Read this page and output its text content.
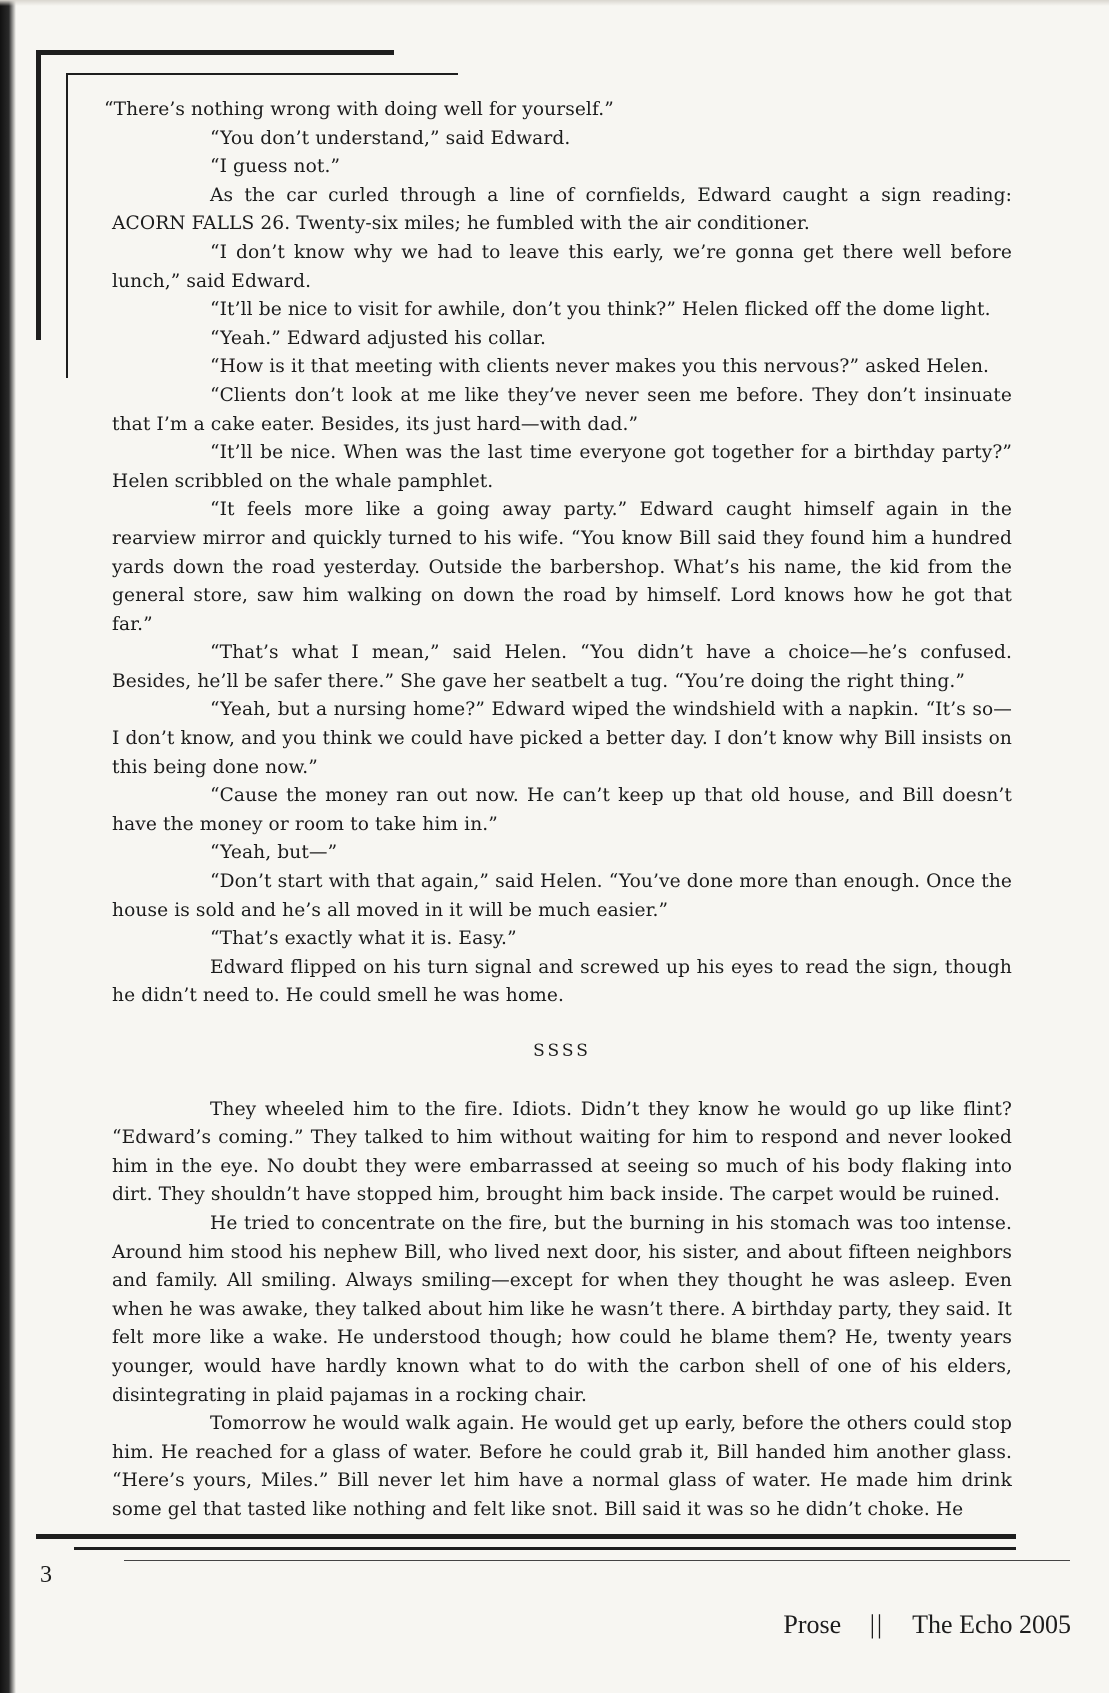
“There’s nothing wrong with doing well for yourself.”

“You don’t understand,” said Edward.

“I guess not.”

As the car curled through a line of cornfields, Edward caught a sign reading: ACORN FALLS 26. Twenty-six miles; he fumbled with the air conditioner.

“I don’t know why we had to leave this early, we’re gonna get there well before lunch,” said Edward.

“It’ll be nice to visit for awhile, don’t you think?” Helen flicked off the dome light.

“Yeah.” Edward adjusted his collar.

“How is it that meeting with clients never makes you this nervous?” asked Helen.

“Clients don’t look at me like they’ve never seen me before. They don’t insinuate that I’m a cake eater. Besides, its just hard—with dad.”

“It’ll be nice. When was the last time everyone got together for a birthday party?” Helen scribbled on the whale pamphlet.

“It feels more like a going away party.” Edward caught himself again in the rearview mirror and quickly turned to his wife. “You know Bill said they found him a hundred yards down the road yesterday. Outside the barbershop. What’s his name, the kid from the general store, saw him walking on down the road by himself. Lord knows how he got that far.”

“That’s what I mean,” said Helen. “You didn’t have a choice—he’s confused. Besides, he’ll be safer there.” She gave her seatbelt a tug. “You’re doing the right thing.”

“Yeah, but a nursing home?” Edward wiped the windshield with a napkin. “It’s so—I don’t know, and you think we could have picked a better day. I don’t know why Bill insists on this being done now.”

“Cause the money ran out now. He can’t keep up that old house, and Bill doesn’t have the money or room to take him in.”

“Yeah, but—”

“Don’t start with that again,” said Helen. “You’ve done more than enough. Once the house is sold and he’s all moved in it will be much easier.”

“That’s exactly what it is. Easy.”

Edward flipped on his turn signal and screwed up his eyes to read the sign, though he didn’t need to. He could smell he was home.

SSSS

They wheeled him to the fire. Idiots. Didn’t they know he would go up like flint? “Edward’s coming.” They talked to him without waiting for him to respond and never looked him in the eye. No doubt they were embarrassed at seeing so much of his body flaking into dirt. They shouldn’t have stopped him, brought him back inside. The carpet would be ruined.

He tried to concentrate on the fire, but the burning in his stomach was too intense. Around him stood his nephew Bill, who lived next door, his sister, and about fifteen neighbors and family. All smiling. Always smiling—except for when they thought he was asleep. Even when he was awake, they talked about him like he wasn’t there. A birthday party, they said. It felt more like a wake. He understood though; how could he blame them? He, twenty years younger, would have hardly known what to do with the carbon shell of one of his elders, disintegrating in plaid pajamas in a rocking chair.

Tomorrow he would walk again. He would get up early, before the others could stop him. He reached for a glass of water. Before he could grab it, Bill handed him another glass. “Here’s yours, Miles.” Bill never let him have a normal glass of water. He made him drink some gel that tasted like nothing and felt like snot. Bill said it was so he didn’t choke. He

3
Prose || The Echo 2005
